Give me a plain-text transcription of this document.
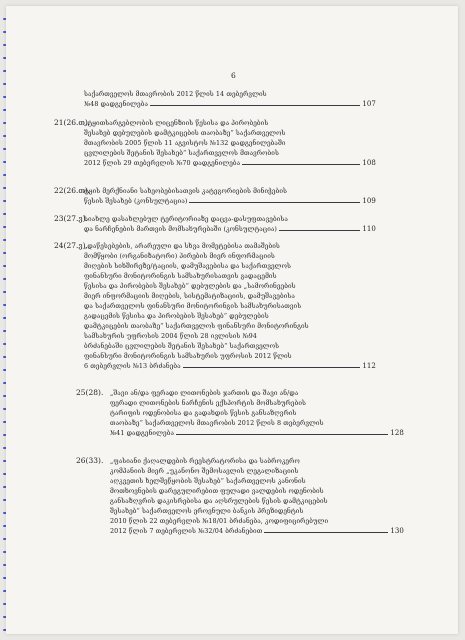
6
საქართველოს მთავრობის 2012 წლის 14 თებერვლის
№48 დადგენილება	107
21(26.თ).
„ტყითსარგებლობის ლიცენზიის წესისა და პირობების
შესახებ დებულების დამტკიცების თაობაზე“ საქართველოს
მთავრობის 2005 წლის 11 აგვისტოს №132 დადგენილებაში
ცვლილების შეტანის შესახებ“ საქართველოს მთავრობის
2012 წლის 29 თებერვლის №70 დადგენილება	108
22(26.თ).
ტყის მერქნიანი სახეობებისათვის კატეგორიების მინიჭების
წესის შესახებ (კონსულტაცია)	109
23(27.ვ).
სიახლე დასახლებულ ტერიტორიაზე დაცვა-დასუფთავებისა
და ნარჩენების მართვის მომსახურებაში (კონსულტაცია)	110
24(27.ვ).
„დაწესებების, არარეული და სხვა მომეტებისა თამაშების
მომწყობი (ორგანიზატორი) პირების მიერ ინფორმაციის
მიღების სიხშირეზე/ტაციის, დამუშავებისა და საქართველოს
ფინანსური მონიტორინგის სამსახურისათვის გადაცემის
წესისა და პირობების შესახებ“ დებულების და „სამორინეების
მიერ ინფორმაციის მიღების, სისტემატიზაციის, დამუშავებისა
და საქართველოს ფინანსური მონიტორინგის სამსახურისათვის
გადაცემის წესისა და პირობების შესახებ“ დებულების
დამტკიცების თაობაზე“ საქართველოს ფინანსური მონიტორინგის
სამსახურის უფროსის 2004 წლის 28 ივლისის №94
ბრძანებაში ცვლილების შეტანის შესახებ“ საქართველოს
ფინანსური მონიტორინგის სამსახურის უფროსის 2012 წლის
6 თებერვლის №13 ბრძანება	112
25(28). „შავი ან/და ფერადი ლითონების ჯართის და შავი ან/და
ფერადი ლითონების ნარჩენის ექსპორტის მომსახურების
ტარიფის ოდენობისა და გადახდის წესის განსაზღვრის
თაობაზე“ საქართველოს მთავრობის 2012 წლის 8 თებერვლის
№41 დადგენილება	128
26(33). „ფასიანი ქაღალდების რეესტრატორისა და საბროკერო
კომპანიის მიერ „უკანონო შემოსავლის ლეგალიზაციის
აღკვეთის ხელშეწყობის შესახებ“ საქართველოს კანონის
მოთხოვნების დარეგულირებით ფულადი ვალდების ოდენობის
განსაზღვრის დაკისრებისა და აღსრულების წესის დამტკიცების
შესახებ“ საქართველოს ეროვნული ბანკის პრეზიდენტის
2010 წლის 22 თებერვლის №18/01 ბრძანება, კოდიფიცირებული
2012 წლის 7 თებერვლის №32/04 ბრძანებით	130
